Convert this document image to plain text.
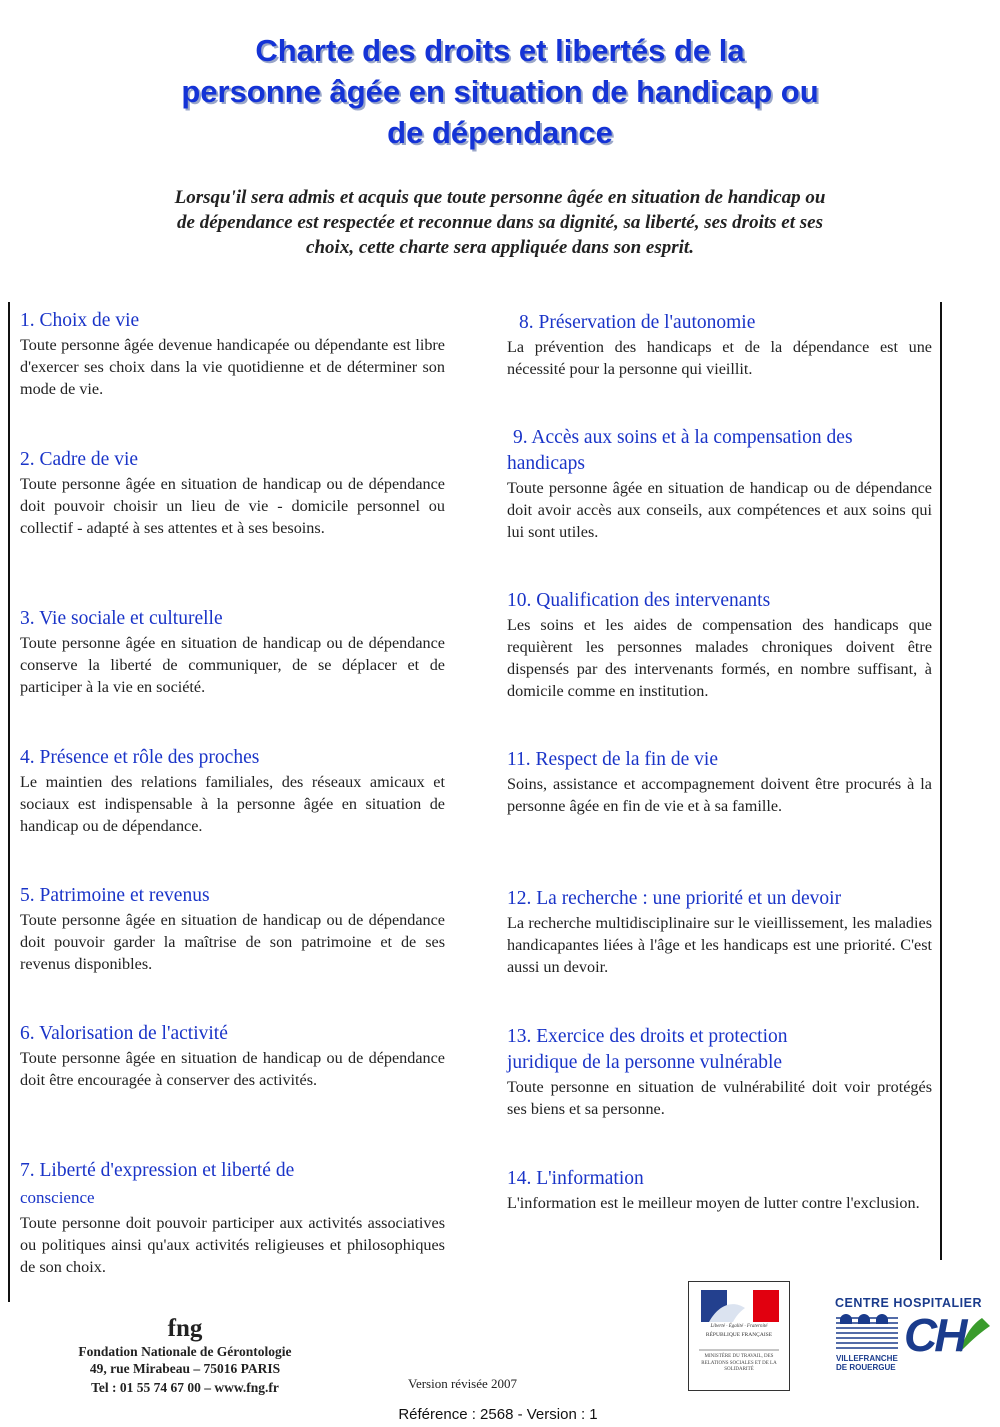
Charte des droits et libertés de la
personne âgée en situation de handicap ou
de dépendance

Lorsqu'il sera admis et acquis que toute personne âgée en situation de handicap ou
de dépendance est respectée et reconnue dans sa dignité, sa liberté, ses droits et ses
choix, cette charte sera appliquée dans son esprit.

1. Choix de vie

Toute personne âgée devenue handicapée ou dépendante est libre d'exercer ses choix dans la vie quotidienne et de déterminer son mode de vie.

2. Cadre de vie

Toute personne âgée en situation de handicap ou de dépendance doit pouvoir choisir un lieu de vie - domicile personnel ou collectif - adapté à ses attentes et à ses besoins.

3. Vie sociale et culturelle

Toute personne âgée en situation de handicap ou de dépendance conserve la liberté de communiquer, de se déplacer et de participer à la vie en société.

4. Présence et rôle des proches

Le maintien des relations familiales, des réseaux amicaux et sociaux est indispensable à la personne âgée en situation de handicap ou de dépendance.

5. Patrimoine et revenus

Toute personne âgée en situation de handicap ou de dépendance doit pouvoir garder la maîtrise de son patrimoine et de ses revenus disponibles.

6. Valorisation de l'activité

Toute personne âgée en situation de handicap ou de dépendance doit être encouragée à conserver des activités.

7. Liberté d'expression et liberté de
conscience

Toute personne doit pouvoir participer aux activités associatives ou politiques ainsi qu'aux activités religieuses et philosophiques de son choix.

8. Préservation de l'autonomie

La prévention des handicaps et de la dépendance est une nécessité pour la personne qui vieillit.

9. Accès aux soins et à la compensation des handicaps

Toute personne âgée en situation de handicap ou de dépendance doit avoir accès aux conseils, aux compétences et aux soins qui lui sont utiles.

10. Qualification des intervenants

Les soins et les aides de compensation des handicaps que requièrent les personnes malades chroniques doivent être dispensés par des intervenants formés, en nombre suffisant, à domicile comme en institution.

11. Respect de la fin de vie

Soins, assistance et accompagnement doivent être procurés à la personne âgée en fin de vie et à sa famille.

12. La recherche : une priorité et un devoir

La recherche multidisciplinaire sur le vieillissement, les maladies handicapantes liées à l'âge et les handicaps est une priorité. C'est aussi un devoir.

13. Exercice des droits et protection juridique de la personne vulnérable

Toute personne en situation de vulnérabilité doit voir protégés ses biens et sa personne.

14. L'information

L'information est le meilleur moyen de lutter contre l'exclusion.

fng
Fondation Nationale de Gérontologie
49, rue Mirabeau – 75016 PARIS
Tel : 01 55 74 67 00 – www.fng.fr	Version révisée 2007
Liberté · Égalité · Fraternité
RÉPUBLIQUE FRANÇAISE
MINISTÈRE DU TRAVAIL, DES RELATIONS SOCIALES ET DE LA SOLIDARITÉ
CENTRE HOSPITALIER
CH
VILLEFRANCHE
DE ROUERGUE
Référence : 2568 - Version : 1
